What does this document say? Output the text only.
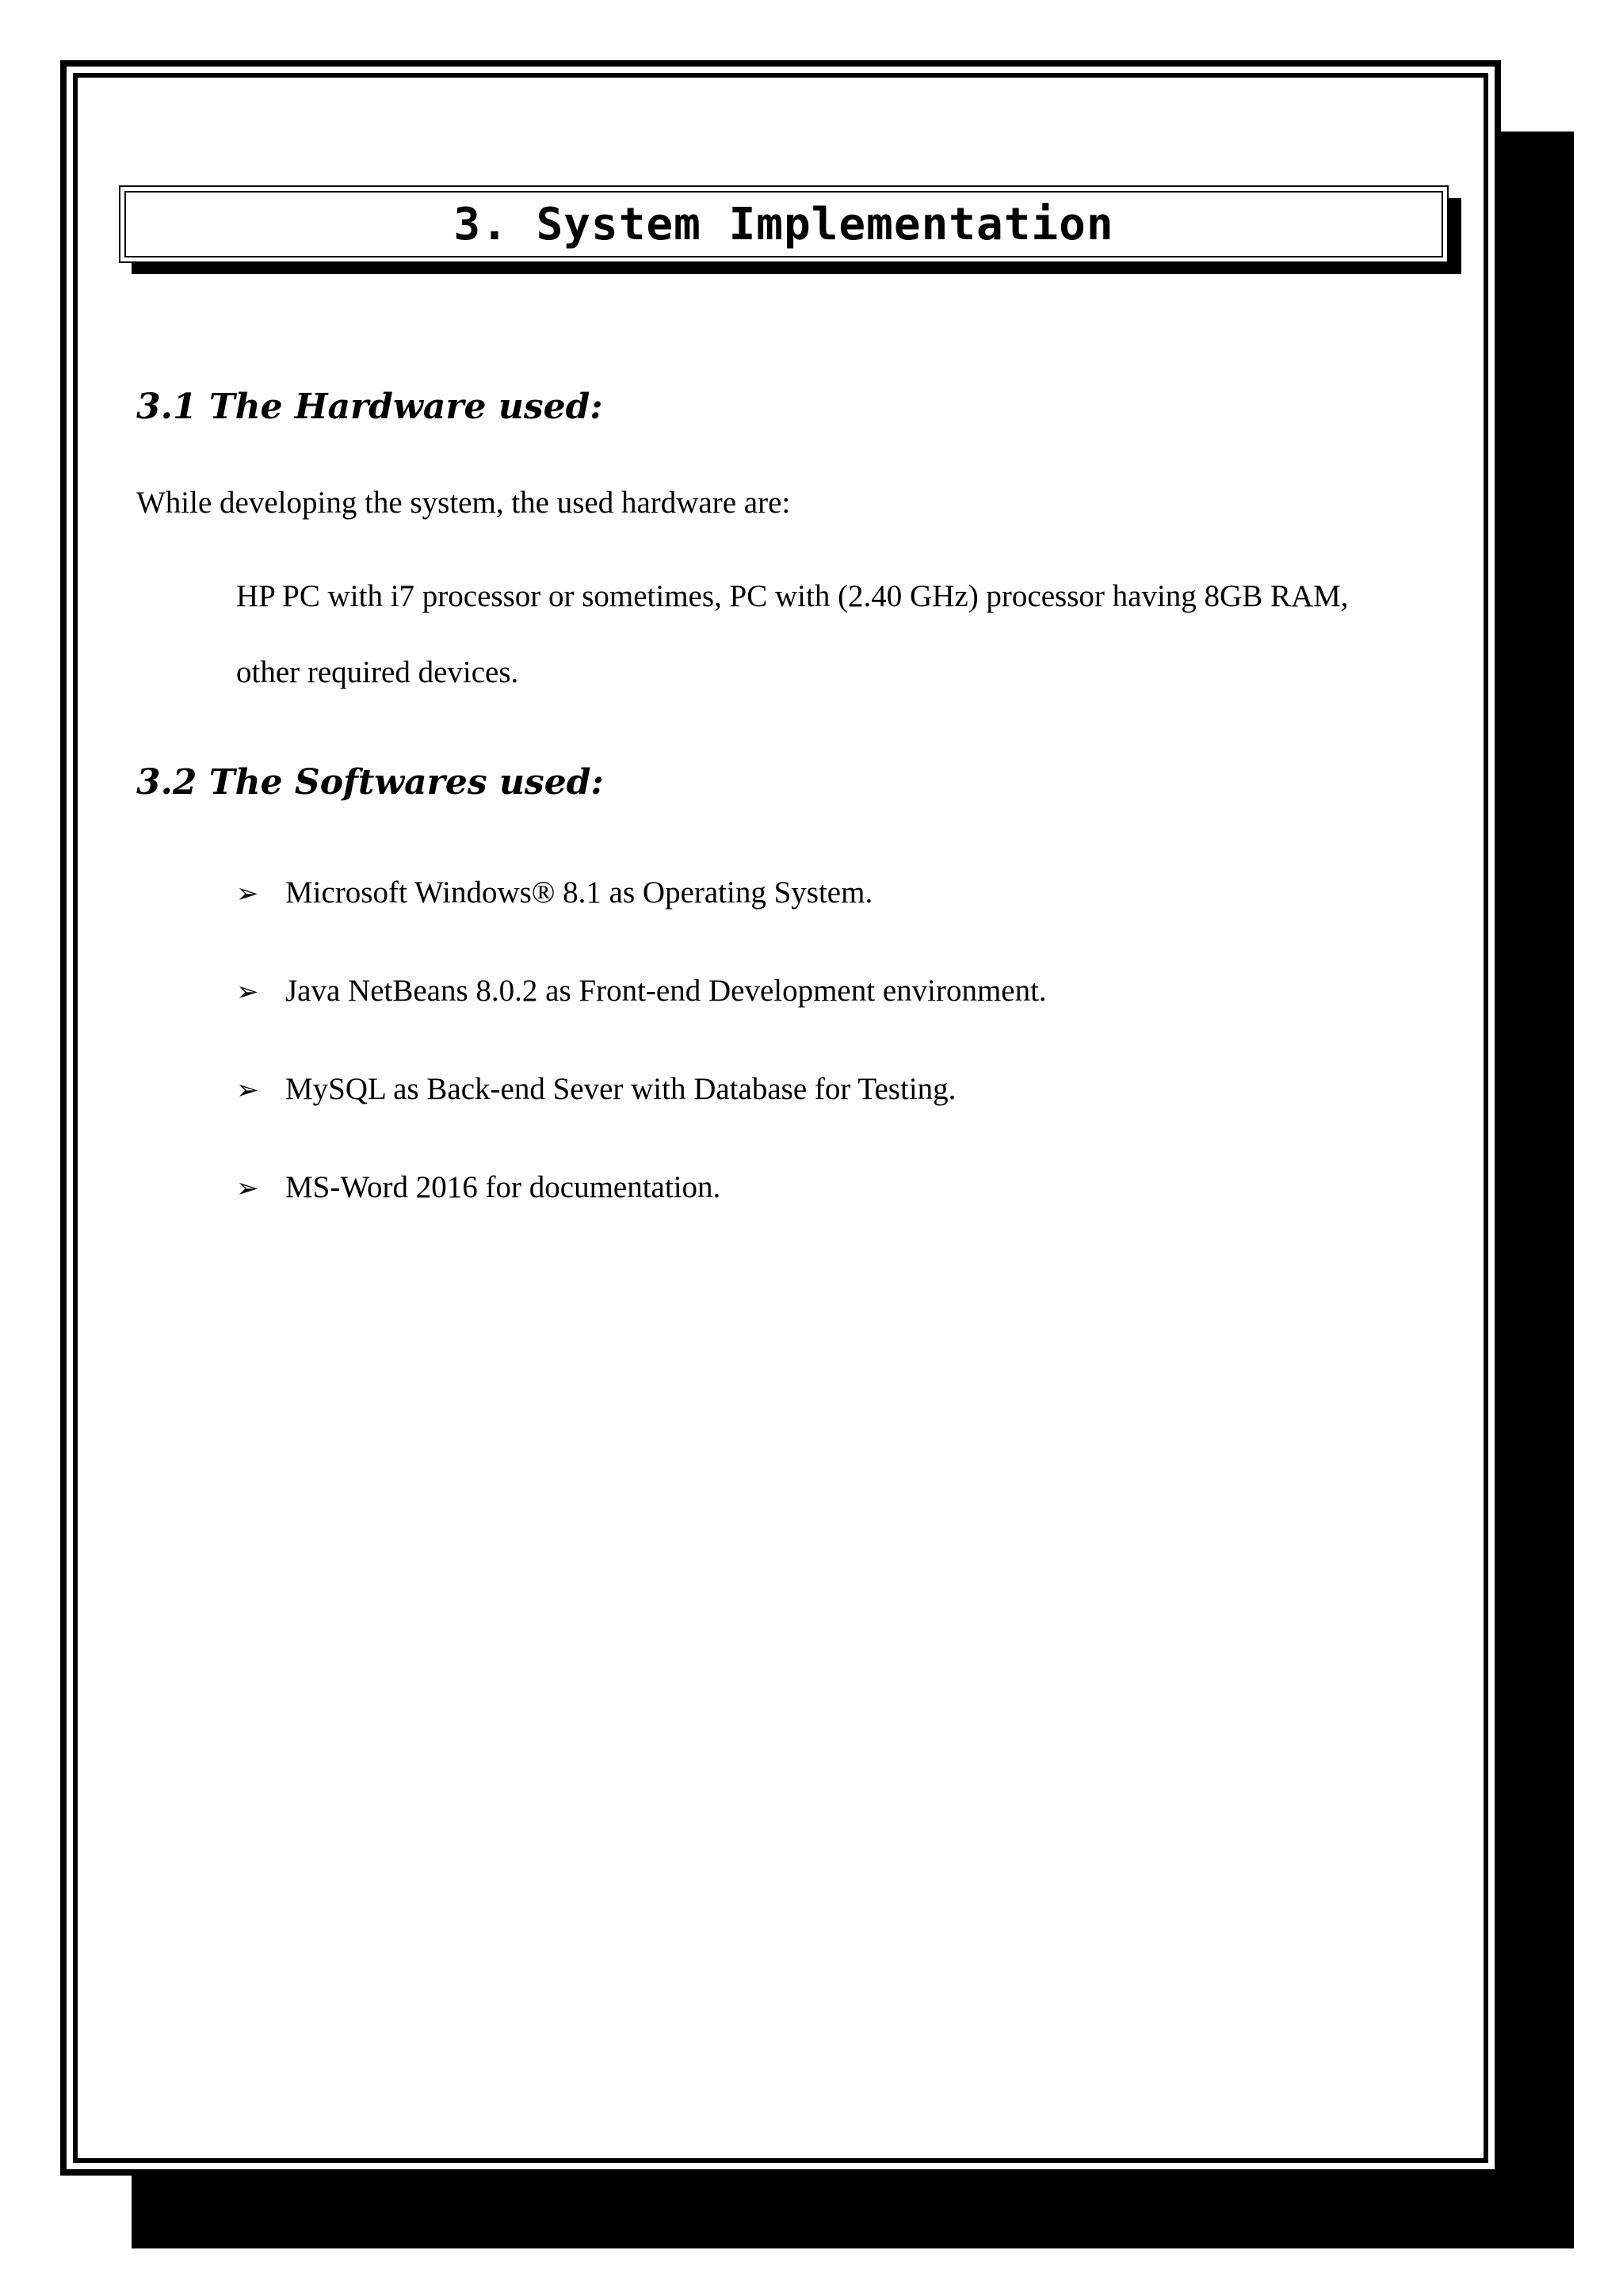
3. System Implementation
3.1 The Hardware used:

While developing the system, the used hardware are:

HP PC with i7 processor or sometimes, PC with (2.40 GHz) processor having 8GB RAM,

other required devices.

3.2 The Softwares used:
➢ Microsoft Windows® 8.1 as Operating System.
➢ Java NetBeans 8.0.2 as Front-end Development environment.
➢ MySQL as Back-end Sever with Database for Testing.
➢ MS-Word 2016 for documentation.
